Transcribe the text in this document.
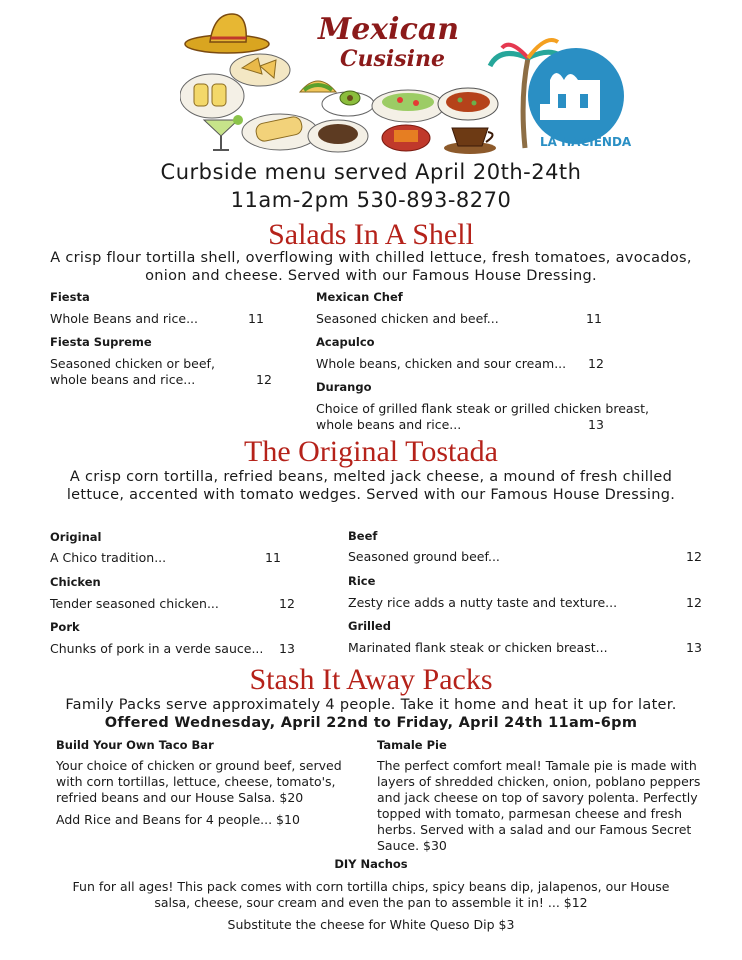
Mexican
Cusisine
LA HACIENDA
Curbside menu served April 20th-24th
11am-2pm 530-893-8270
Salads In A Shell
A crisp flour tortilla shell, overflowing with chilled lettuce, fresh tomatoes, avocados, onion and cheese. Served with our Famous House Dressing.
Fiesta
Whole Beans and rice...	11
Fiesta Supreme
Seasoned chicken or beef, whole beans and rice...	12
Mexican Chef
Seasoned chicken and beef...	11
Acapulco
Whole beans, chicken and sour cream... 12
Durango
Choice of grilled flank steak or grilled chicken breast, whole beans and rice...	13
The Original Tostada
A crisp corn tortilla, refried beans, melted jack cheese, a mound of fresh chilled lettuce, accented with tomato wedges. Served with our Famous House Dressing.
Original
A Chico tradition...	11
Chicken
Tender seasoned chicken...	12
Pork
Chunks of pork in a verde sauce... 13
Beef
Seasoned ground beef...	12
Rice
Zesty rice adds a nutty taste and texture...	12
Grilled
Marinated flank steak or chicken breast...	13
Stash It Away Packs
Family Packs serve approximately 4 people. Take it home and heat it up for later. Offered Wednesday, April 22nd to Friday, April 24th 11am-6pm
Build Your Own Taco Bar
Your choice of chicken or ground beef, served with corn tortillas, lettuce, cheese, tomato's, refried beans and our House Salsa. $20
Add Rice and Beans for 4 people... $10
Tamale Pie
The perfect comfort meal! Tamale pie is made with layers of shredded chicken, onion, poblano peppers and jack cheese on top of savory polenta. Perfectly topped with tomato, parmesan cheese and fresh herbs. Served with a salad and our Famous Secret Sauce. $30
DIY Nachos
Fun for all ages! This pack comes with corn tortilla chips, spicy beans dip, jalapenos, our House salsa, cheese, sour cream and even the pan to assemble it in! ... $12
Substitute the cheese for White Queso Dip $3
